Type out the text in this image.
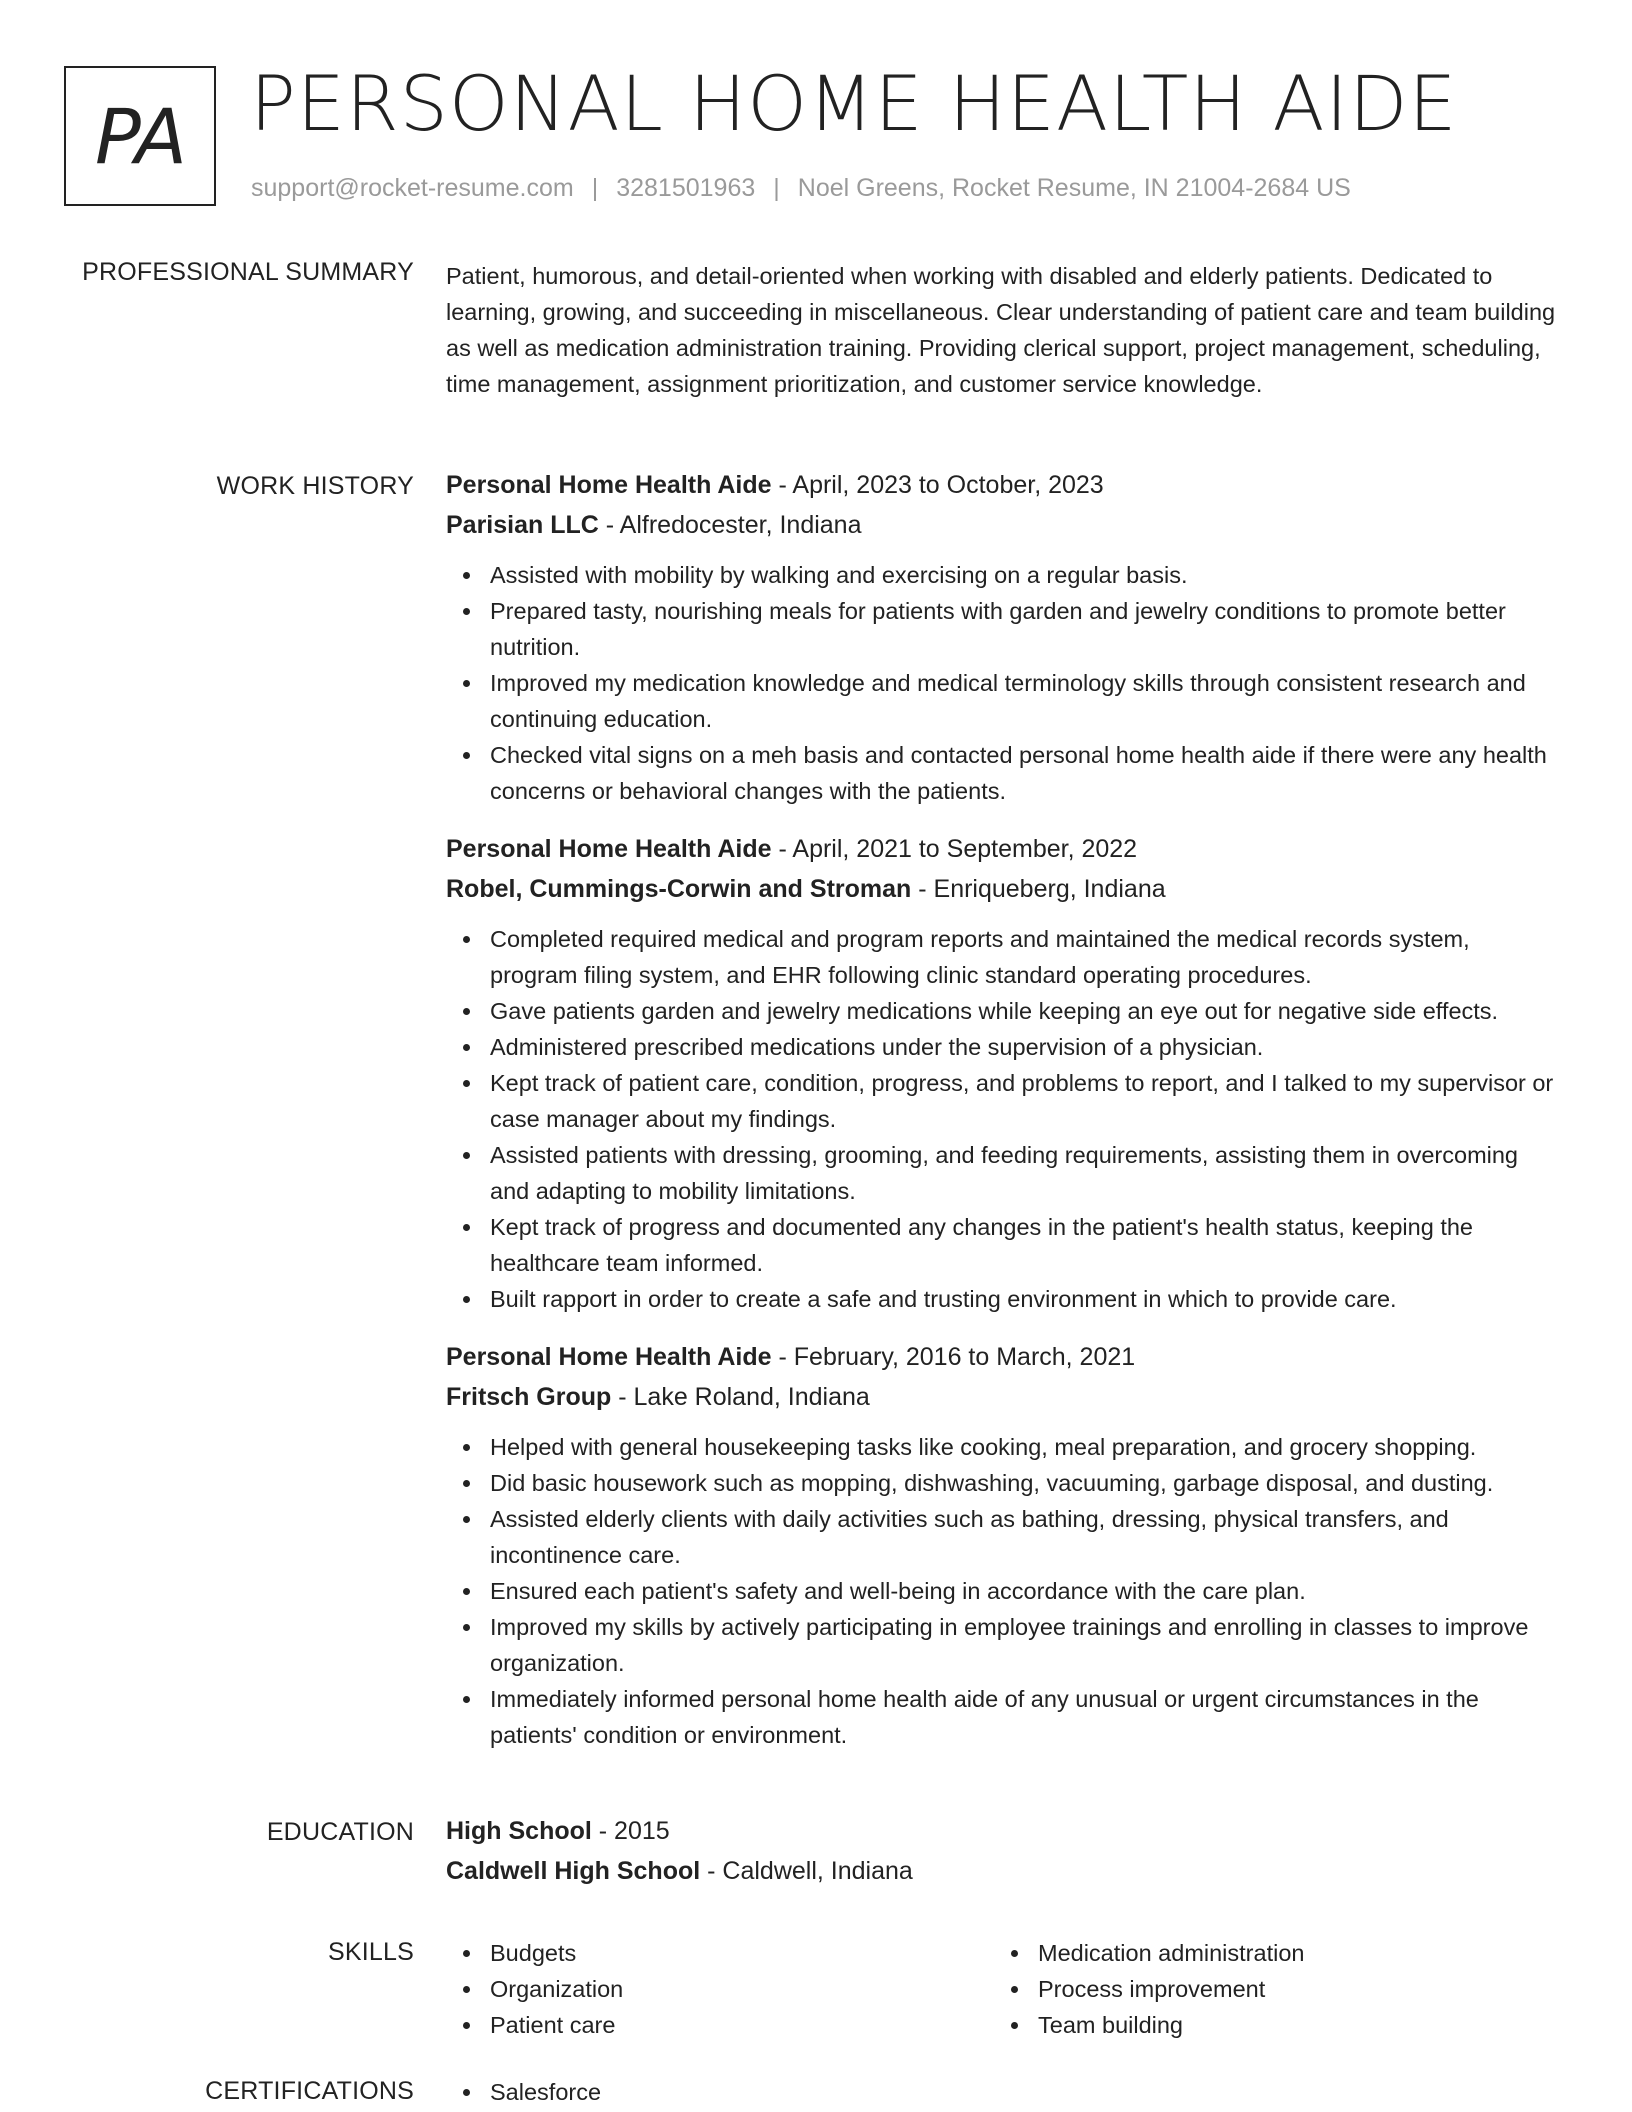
PA PERSONAL HOME HEALTH AIDE
support@rocket-resume.com | 3281501963 | Noel Greens, Rocket Resume, IN 21004-2684 US
PROFESSIONAL SUMMARY Patient, humorous, and detail-oriented when working with disabled and elderly patients. Dedicated to learning, growing, and succeeding in miscellaneous. Clear understanding of patient care and team building as well as medication administration training. Providing clerical support, project management, scheduling, time management, assignment prioritization, and customer service knowledge.

WORK HISTORY Personal Home Health Aide - April, 2023 to October, 2023
Parisian LLC - Alfredocester, Indiana
Assisted with mobility by walking and exercising on a regular basis.
Prepared tasty, nourishing meals for patients with garden and jewelry conditions to promote better nutrition.
Improved my medication knowledge and medical terminology skills through consistent research and continuing education.
Checked vital signs on a meh basis and contacted personal home health aide if there were any health concerns or behavioral changes with the patients.
Personal Home Health Aide - April, 2021 to September, 2022
Robel, Cummings-Corwin and Stroman - Enriqueberg, Indiana
Completed required medical and program reports and maintained the medical records system, program filing system, and EHR following clinic standard operating procedures.
Gave patients garden and jewelry medications while keeping an eye out for negative side effects.
Administered prescribed medications under the supervision of a physician.
Kept track of patient care, condition, progress, and problems to report, and I talked to my supervisor or case manager about my findings.
Assisted patients with dressing, grooming, and feeding requirements, assisting them in overcoming and adapting to mobility limitations.
Kept track of progress and documented any changes in the patient's health status, keeping the healthcare team informed.
Built rapport in order to create a safe and trusting environment in which to provide care.
Personal Home Health Aide - February, 2016 to March, 2021
Fritsch Group - Lake Roland, Indiana
Helped with general housekeeping tasks like cooking, meal preparation, and grocery shopping.
Did basic housework such as mopping, dishwashing, vacuuming, garbage disposal, and dusting.
Assisted elderly clients with daily activities such as bathing, dressing, physical transfers, and incontinence care.
Ensured each patient's safety and well-being in accordance with the care plan.
Improved my skills by actively participating in employee trainings and enrolling in classes to improve organization.
Immediately informed personal home health aide of any unusual or urgent circumstances in the patients' condition or environment.
EDUCATION High School - 2015
Caldwell High School - Caldwell, Indiana
SKILLS	Budgets
Organization
Patient care
Medication administration
Process improvement
Team building
CERTIFICATIONS	Salesforce
